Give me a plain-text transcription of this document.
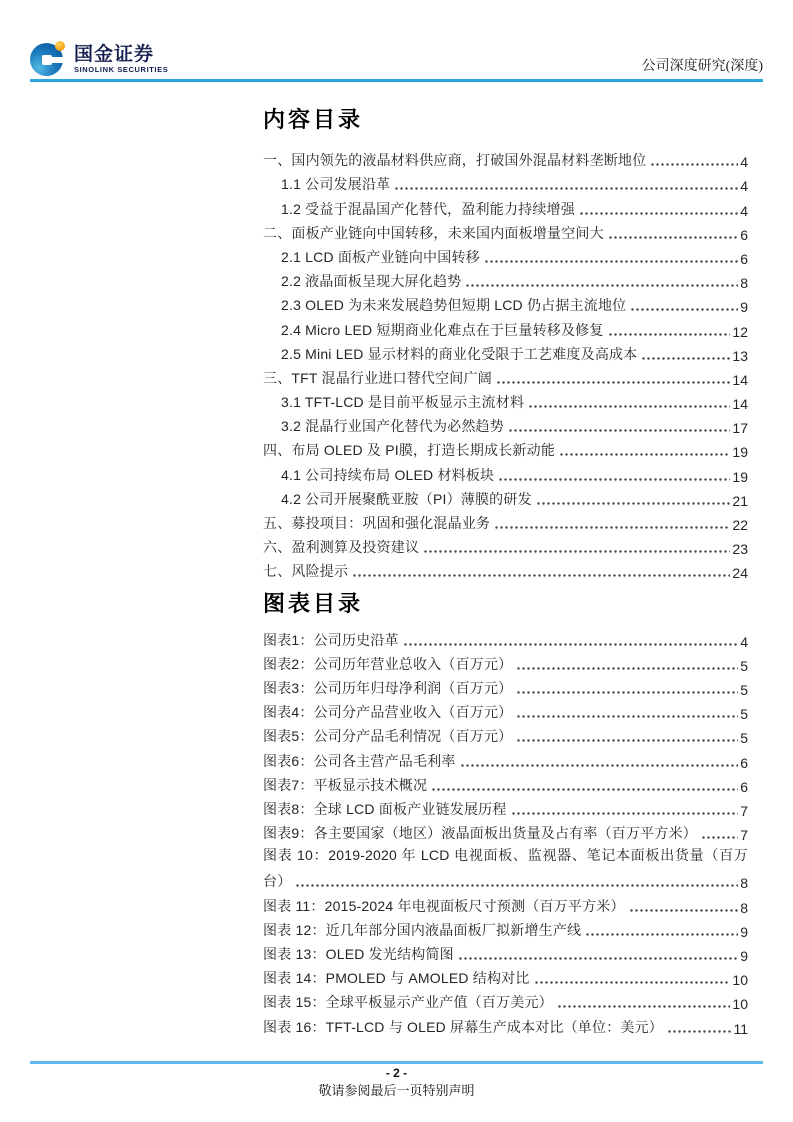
国金证券
SINOLINK SECURITIES	公司深度研究(深度)
内容目录
一、国内领先的液晶材料供应商，打破国外混晶材料垄断地位	4
1.1 公司发展沿革	4
1.2 受益于混晶国产化替代，盈利能力持续增强	4
二、面板产业链向中国转移，未来国内面板增量空间大	6
2.1 LCD 面板产业链向中国转移	6
2.2 液晶面板呈现大屏化趋势	8
2.3 OLED 为未来发展趋势但短期 LCD 仍占据主流地位	9
2.4 Micro LED 短期商业化难点在于巨量转移及修复	12
2.5 Mini LED 显示材料的商业化受限于工艺难度及高成本	13
三、TFT 混晶行业进口替代空间广阔	14
3.1 TFT-LCD 是目前平板显示主流材料	14
3.2 混晶行业国产化替代为必然趋势	17
四、布局 OLED 及 PI膜，打造长期成长新动能	19
4.1 公司持续布局 OLED 材料板块	19
4.2 公司开展聚酰亚胺（PI）薄膜的研发	21
五、募投项目：巩固和强化混晶业务	22
六、盈利测算及投资建议	23
七、风险提示	24
图表目录
图表1：公司历史沿革	4
图表2：公司历年营业总收入（百万元）	5
图表3：公司历年归母净利润（百万元）	5
图表4：公司分产品营业收入（百万元）	5
图表5：公司分产品毛利情况（百万元）	5
图表6：公司各主营产品毛利率	6
图表7：平板显示技术概况	6
图表8：全球 LCD 面板产业链发展历程	7
图表9：各主要国家（地区）液晶面板出货量及占有率（百万平方米）	7
图表 10：2019-2020 年 LCD 电视面板、监视器、笔记本面板出货量（百万
台）	8
图表 11：2015-2024 年电视面板尺寸预测（百万平方米）	8
图表 12：近几年部分国内液晶面板厂拟新增生产线	9
图表 13：OLED 发光结构简图	9
图表 14：PMOLED 与 AMOLED 结构对比	10
图表 15：全球平板显示产业产值（百万美元）	10
图表 16：TFT-LCD 与 OLED 屏幕生产成本对比（单位：美元）	11
- 2 -
敬请参阅最后一页特别声明
